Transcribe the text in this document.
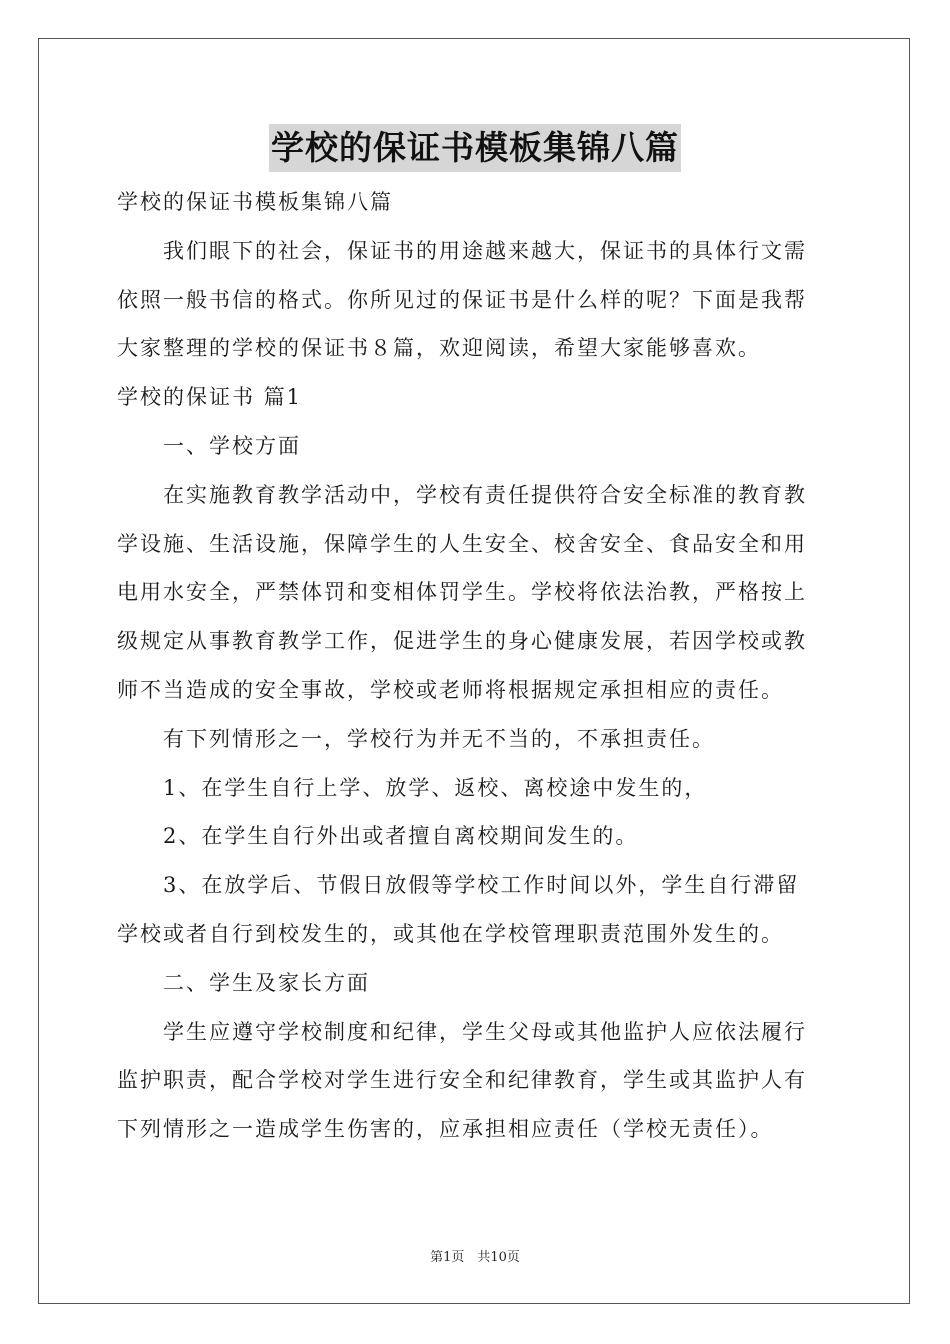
学校的保证书模板集锦八篇

学校的保证书模板集锦八篇

我们眼下的社会，保证书的用途越来越大，保证书的具体行文需

依照一般书信的格式。你所见过的保证书是什么样的呢？下面是我帮

大家整理的学校的保证书８篇，欢迎阅读，希望大家能够喜欢。

学校的保证书 篇1

一、学校方面

在实施教育教学活动中，学校有责任提供符合安全标准的教育教

学设施、生活设施，保障学生的人生安全、校舍安全、食品安全和用

电用水安全，严禁体罚和变相体罚学生。学校将依法治教，严格按上

级规定从事教育教学工作，促进学生的身心健康发展，若因学校或教

师不当造成的安全事故，学校或老师将根据规定承担相应的责任。

有下列情形之一，学校行为并无不当的，不承担责任。

1、在学生自行上学、放学、返校、离校途中发生的，

2、在学生自行外出或者擅自离校期间发生的。

3、在放学后、节假日放假等学校工作时间以外，学生自行滞留

学校或者自行到校发生的，或其他在学校管理职责范围外发生的。

二、学生及家长方面

学生应遵守学校制度和纪律，学生父母或其他监护人应依法履行

监护职责，配合学校对学生进行安全和纪律教育，学生或其监护人有

下列情形之一造成学生伤害的，应承担相应责任（学校无责任）。

第1页　共10页
